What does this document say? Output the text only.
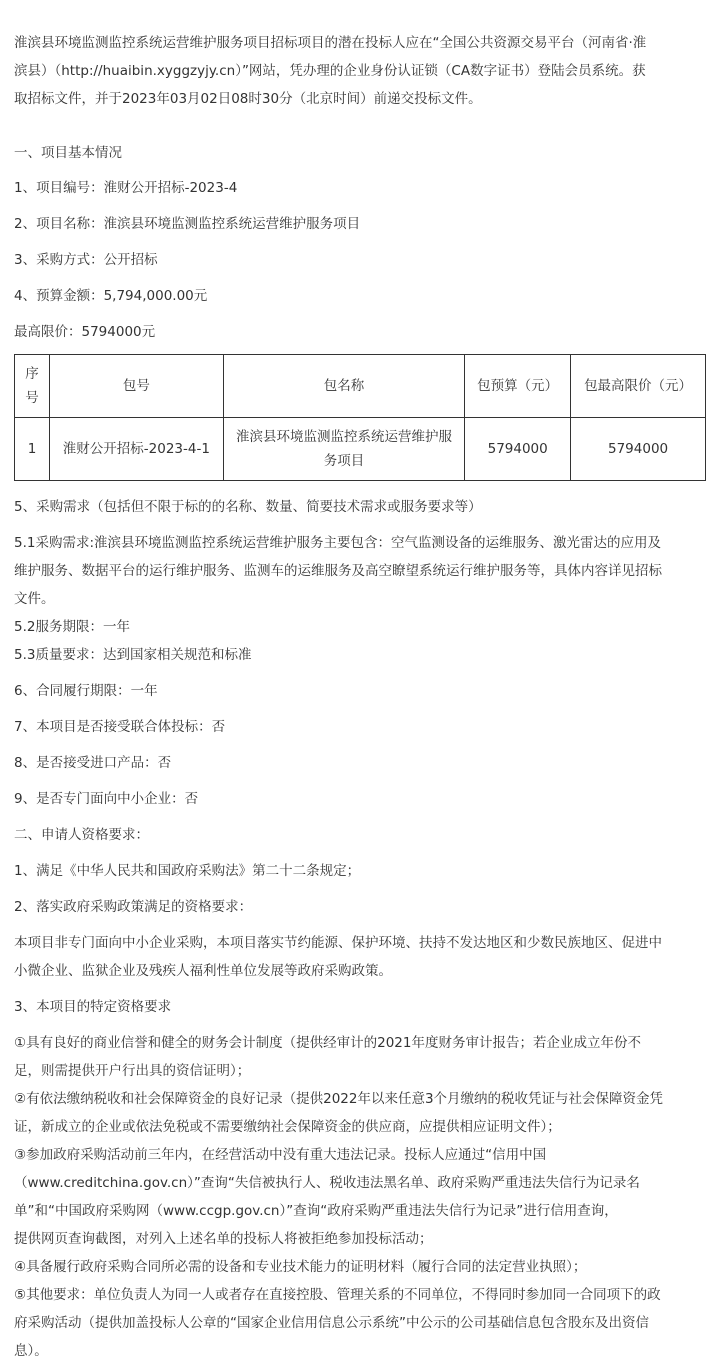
淮滨县环境监测监控系统运营维护服务项目招标项目的潜在投标人应在“全国公共资源交易平台（河南省·淮
滨县）（http://huaibin.xyggzyjy.cn）”网站，凭办理的企业身份认证锁（CA数字证书）登陆会员系统。获
取招标文件，并于2023年03月02日08时30分（北京时间）前递交投标文件。
一、项目基本情况
1、项目编号：淮财公开招标-2023-4
2、项目名称：淮滨县环境监测监控系统运营维护服务项目
3、采购方式：公开招标
4、预算金额：5,794,000.00元
最高限价：5794000元
序
号	包号	包名称	包预算（元）	包最高限价（元）
1	淮财公开招标-2023-4-1	淮滨县环境监测监控系统运营维护服
务项目	5794000	5794000
5、采购需求（包括但不限于标的的名称、数量、简要技术需求或服务要求等）
5.1采购需求:淮滨县环境监测监控系统运营维护服务主要包含：空气监测设备的运维服务、激光雷达的应用及
维护服务、数据平台的运行维护服务、监测车的运维服务及高空瞭望系统运行维护服务等，具体内容详见招标
文件。
5.2服务期限：一年
5.3质量要求：达到国家相关规范和标准
6、合同履行期限：一年
7、本项目是否接受联合体投标：否
8、是否接受进口产品：否
9、是否专门面向中小企业：否
二、申请人资格要求：
1、满足《中华人民共和国政府采购法》第二十二条规定；
2、落实政府采购政策满足的资格要求：
本项目非专门面向中小企业采购，本项目落实节约能源、保护环境、扶持不发达地区和少数民族地区、促进中
小微企业、监狱企业及残疾人福利性单位发展等政府采购政策。
3、本项目的特定资格要求
①具有良好的商业信誉和健全的财务会计制度（提供经审计的2021年度财务审计报告；若企业成立年份不
足，则需提供开户行出具的资信证明）；
②有依法缴纳税收和社会保障资金的良好记录（提供2022年以来任意3个月缴纳的税收凭证与社会保障资金凭
证，新成立的企业或依法免税或不需要缴纳社会保障资金的供应商，应提供相应证明文件）；
③参加政府采购活动前三年内，在经营活动中没有重大违法记录。投标人应通过“信用中国
（www.creditchina.gov.cn）”查询“失信被执行人、税收违法黑名单、政府采购严重违法失信行为记录名
单”和“中国政府采购网（www.ccgp.gov.cn）”查询“政府采购严重违法失信行为记录”进行信用查询，
提供网页查询截图，对列入上述名单的投标人将被拒绝参加投标活动；
④具备履行政府采购合同所必需的设备和专业技术能力的证明材料（履行合同的法定营业执照）；
⑤其他要求：单位负责人为同一人或者存在直接控股、管理关系的不同单位，不得同时参加同一合同项下的政
府采购活动（提供加盖投标人公章的“国家企业信用信息公示系统”中公示的公司基础信息包含股东及出资信
息）。
